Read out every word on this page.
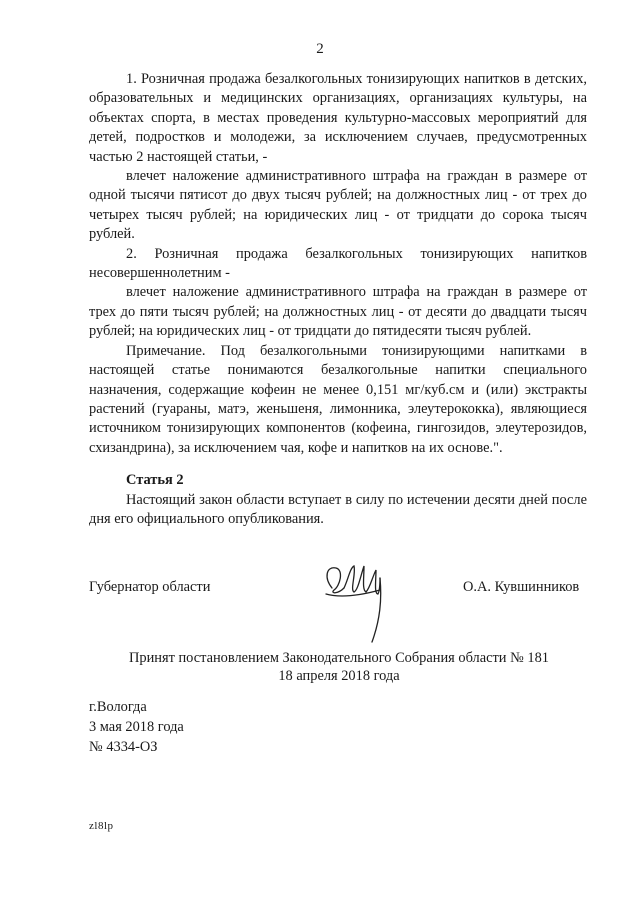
2

1. Розничная продажа безалкогольных тонизирующих напитков в детских, образовательных и медицинских организациях, организациях культуры, на объектах спорта, в местах проведения культурно-массовых мероприятий для детей, подростков и молодежи, за исключением случаев, предусмотренных частью 2 настоящей статьи, -

влечет наложение административного штрафа на граждан в размере от одной тысячи пятисот до двух тысяч рублей; на должностных лиц - от трех до четырех тысяч рублей; на юридических лиц - от тридцати до сорока тысяч рублей.

2. Розничная продажа безалкогольных тонизирующих напитков несовершеннолетним -

влечет наложение административного штрафа на граждан в размере от трех до пяти тысяч рублей; на должностных лиц - от десяти до двадцати тысяч рублей; на юридических лиц - от тридцати до пятидесяти тысяч рублей.

Примечание. Под безалкогольными тонизирующими напитками в настоящей статье понимаются безалкогольные напитки специального назначения, содержащие кофеин не менее 0,151 мг/куб.см и (или) экстракты растений (гуараны, матэ, женьшеня, лимонника, элеутерококка), являющиеся источником тонизирующих компонентов (кофеина, гингозидов, элеутерозидов, схизандрина), за исключением чая, кофе и напитков на их основе.".

Статья 2

Настоящий закон области вступает в силу по истечении десяти дней после дня его официального опубликования.

Губернатор области	О.А. Кувшинников
Принят постановлением Законодательного Собрания области № 181
18 апреля 2018 года
г.Вологда
3 мая 2018 года
№ 4334-ОЗ
zl8lp
